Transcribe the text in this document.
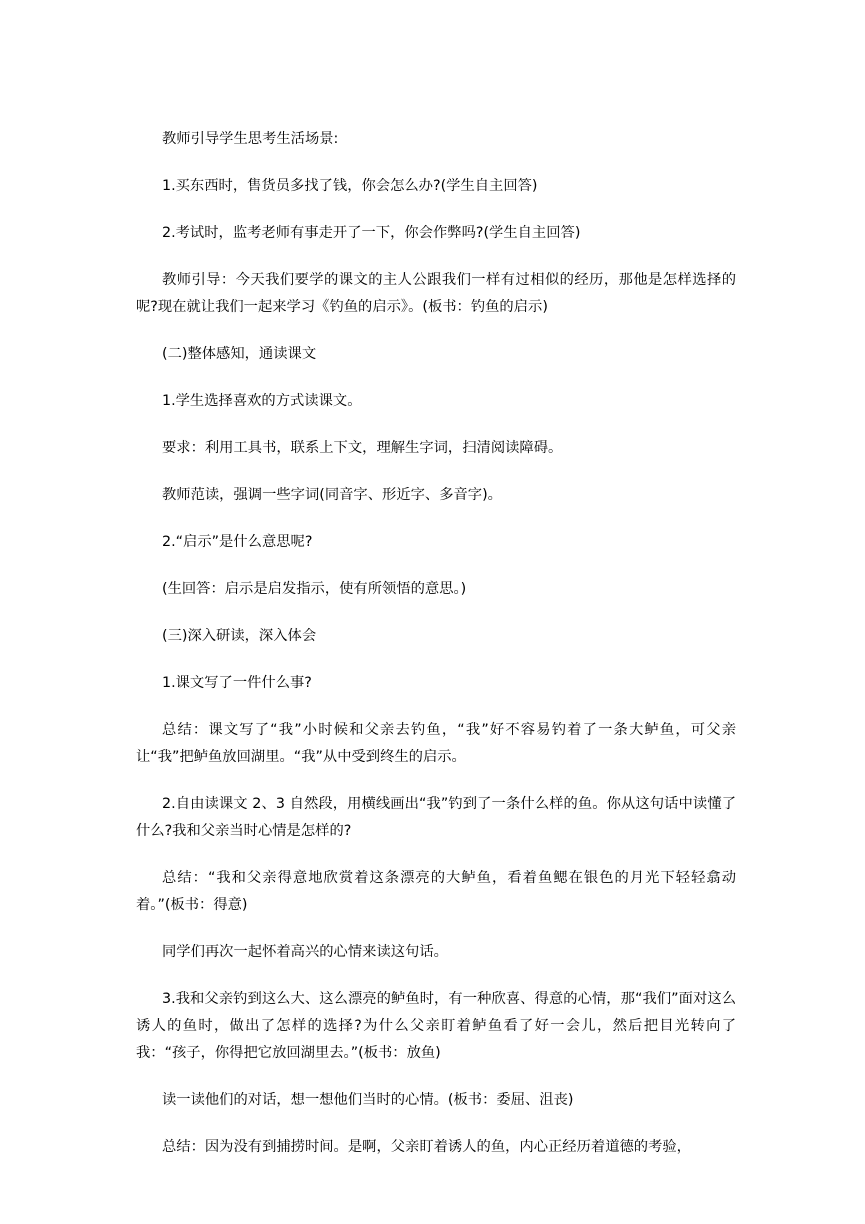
教师引导学生思考生活场景:

1.买东西时，售货员多找了钱，你会怎么办?(学生自主回答)

2.考试时，监考老师有事走开了一下，你会作弊吗?(学生自主回答)

教师引导：今天我们要学的课文的主人公跟我们一样有过相似的经历，那他是怎样选择的呢?现在就让我们一起来学习《钓鱼的启示》。(板书：钓鱼的启示)

(二)整体感知，通读课文

1.学生选择喜欢的方式读课文。

要求：利用工具书，联系上下文，理解生字词，扫清阅读障碍。

教师范读，强调一些字词(同音字、形近字、多音字)。

2.“启示”是什么意思呢?

(生回答：启示是启发指示，使有所领悟的意思。)

(三)深入研读，深入体会

1.课文写了一件什么事?

总结：课文写了“我”小时候和父亲去钓鱼，“我”好不容易钓着了一条大鲈鱼，可父亲让“我”把鲈鱼放回湖里。“我”从中受到终生的启示。

2.自由读课文 2、3 自然段，用横线画出“我”钓到了一条什么样的鱼。你从这句话中读懂了什么?我和父亲当时心情是怎样的?

总结：“我和父亲得意地欣赏着这条漂亮的大鲈鱼，看着鱼鳃在银色的月光下轻轻翕动着。”(板书：得意)

同学们再次一起怀着高兴的心情来读这句话。

3.我和父亲钓到这么大、这么漂亮的鲈鱼时，有一种欣喜、得意的心情，那“我们”面对这么诱人的鱼时，做出了怎样的选择?为什么父亲盯着鲈鱼看了好一会儿，然后把目光转向了我：“孩子，你得把它放回湖里去。”(板书：放鱼)

读一读他们的对话，想一想他们当时的心情。(板书：委屈、沮丧)

总结：因为没有到捕捞时间。是啊，父亲盯着诱人的鱼，内心正经历着道德的考验，
